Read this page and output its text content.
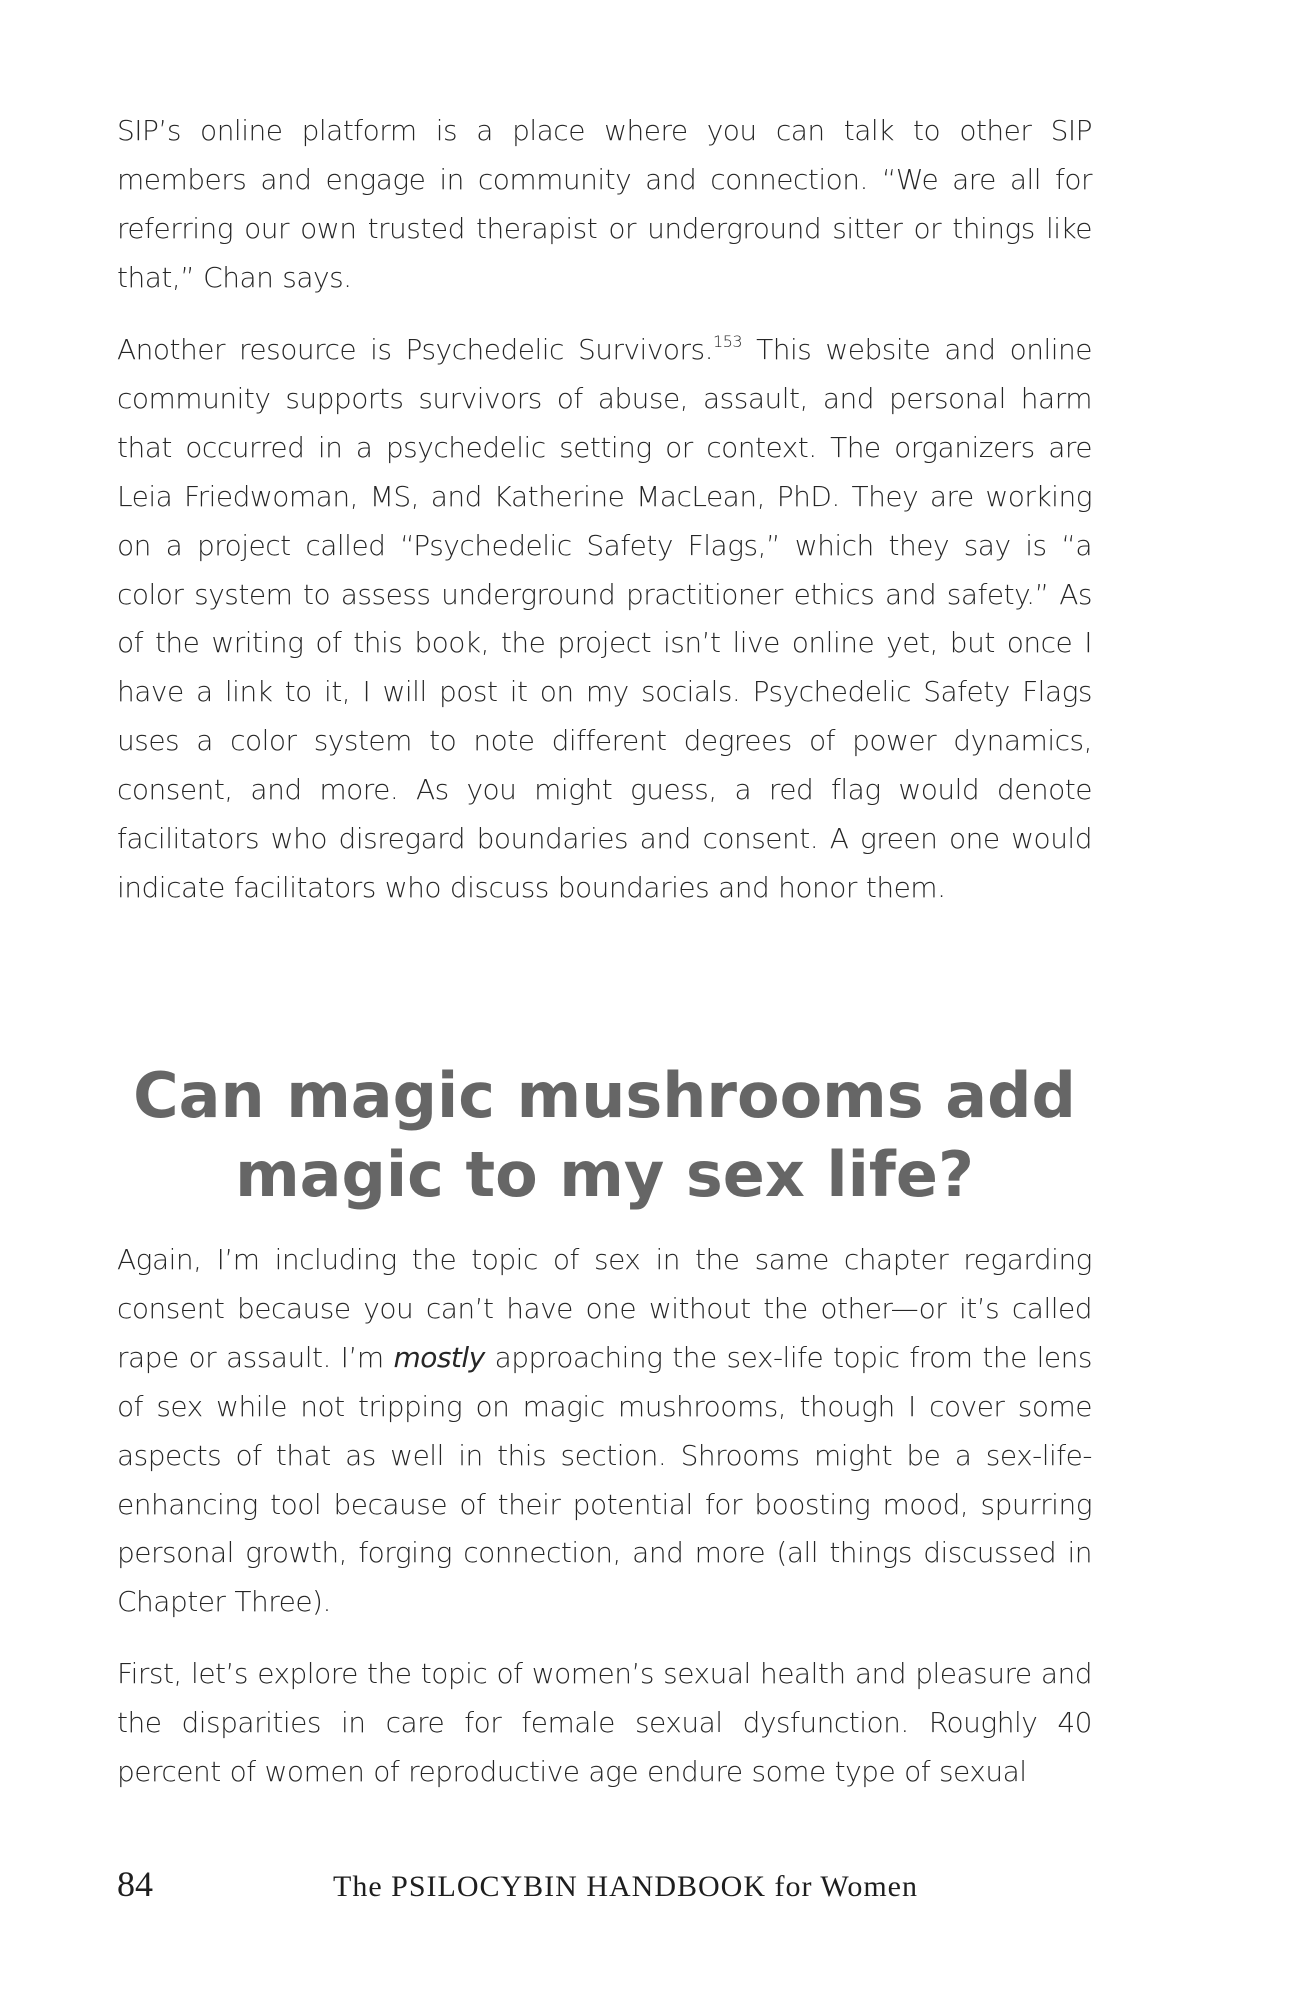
SIP’s online platform is a place where you can talk to other SIP members and engage in community and connection. “We are all for referring our own trusted therapist or underground sitter or things like that,” Chan says.

Another resource is Psychedelic Survivors.$^{153}$ This website and online community supports survivors of abuse, assault, and personal harm that occurred in a psychedelic setting or context. The organizers are Leia Friedwoman, MS, and Katherine MacLean, PhD. They are working on a project called “Psychedelic Safety Flags,” which they say is “a color system to assess underground practitioner ethics and safety.” As of the writing of this book, the project isn’t live online yet, but once I have a link to it, I will post it on my socials. Psychedelic Safety Flags uses a color system to note different degrees of power dynamics, consent, and more. As you might guess, a red flag would denote facilitators who disregard boundaries and consent. A green one would indicate facilitators who discuss boundaries and honor them.

Can magic mushrooms add
magic to my sex life?

Again, I’m including the topic of sex in the same chapter regarding consent because you can’t have one without the other—or it’s called rape or assault. I’m mostly approaching the sex-life topic from the lens of sex while not tripping on magic mushrooms, though I cover some aspects of that as well in this section. Shrooms might be a sex-life-enhancing tool because of their potential for boosting mood, spurring personal growth, forging connection, and more (all things discussed in Chapter Three).

First, let’s explore the topic of women’s sexual health and pleasure and the disparities in care for female sexual dysfunction. Roughly 40 percent of women of reproductive age endure some type of sexual

84	The PSILOCYBIN HANDBOOK for Women
